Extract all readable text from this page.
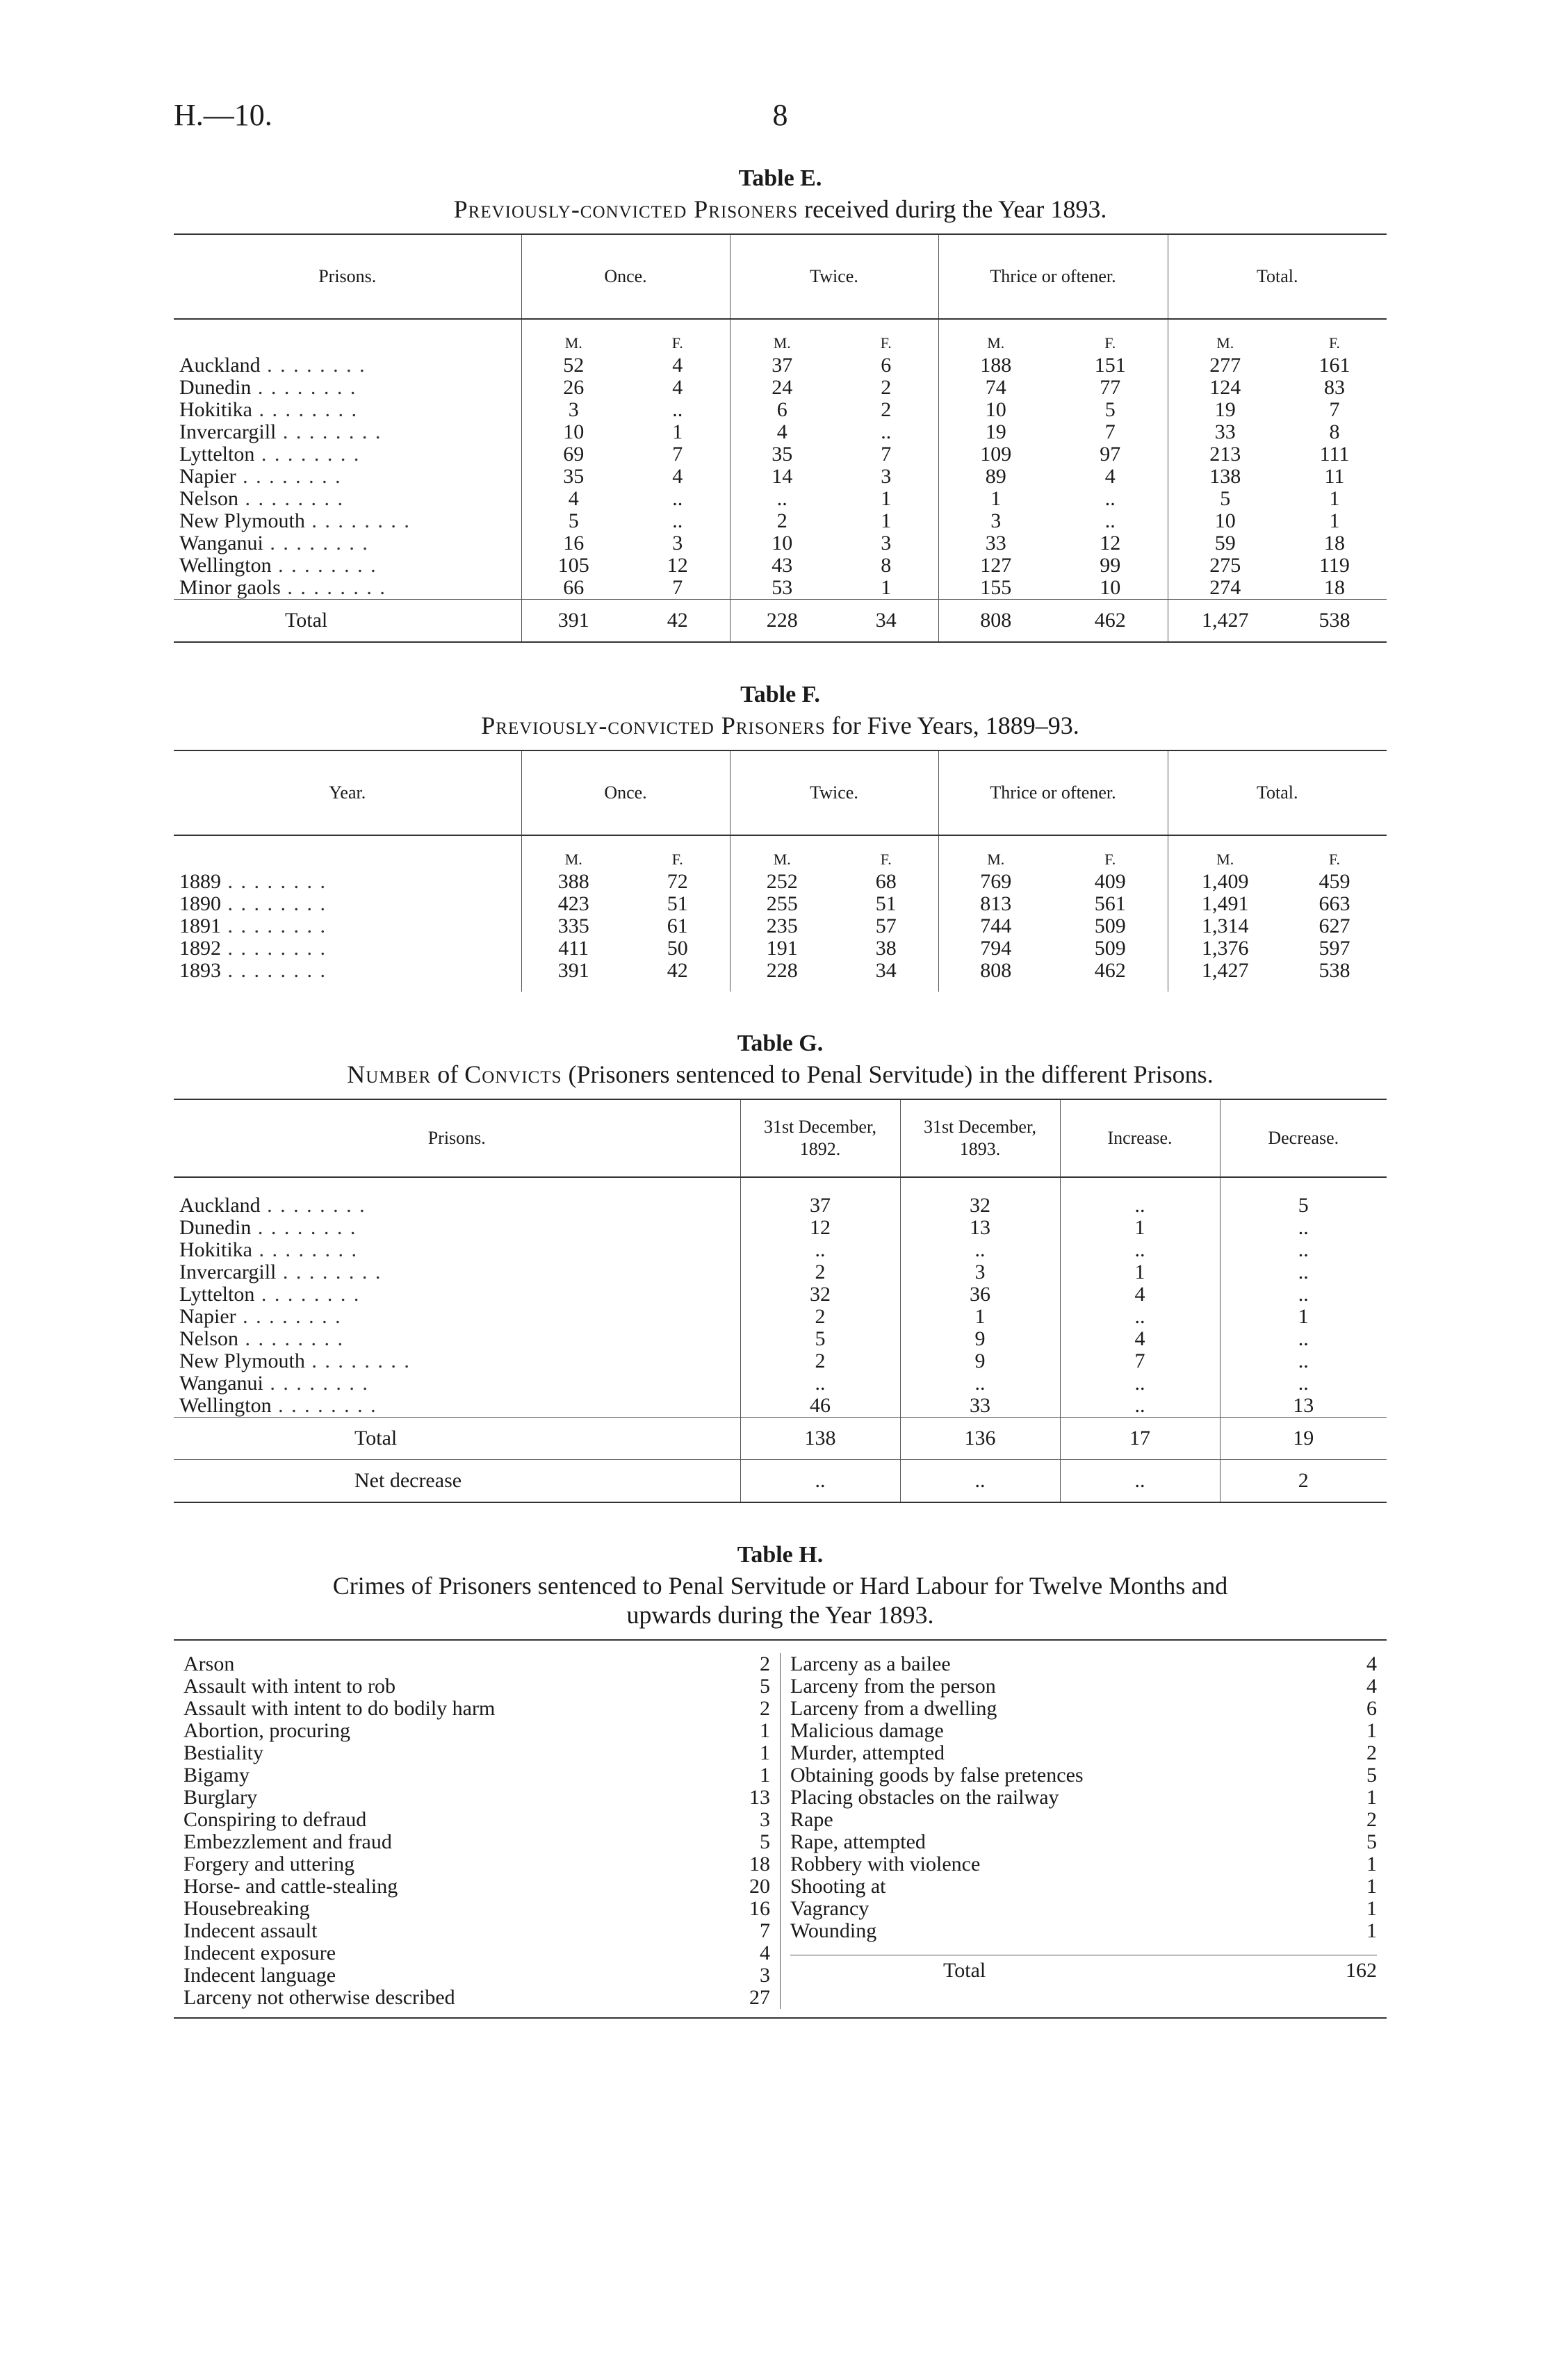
H.—10.	8
Table E.
Previously-convicted Prisoners received durirg the Year 1893.
Prisons.	Once.		Twice.		Thrice or oftener.		Total.	
	M.	F.	M.	F.	M.	F.	M.	F.
Auckland . .	52	4	37	6	188	151	277	161
Dunedin . .	26	4	24	2	74	77	124	83
Hokitika . .	3	..	6	2	10	5	19	7
Invercargill . .	10	1	4	..	19	7	33	8
Lyttelton . .	69	7	35	7	109	97	213	111
Napier . .	35	4	14	3	89	4	138	11
Nelson . .	4	..	..	1	1	..	5	1
New Plymouth . .	5	..	2	1	3	..	10	1
Wanganui . .	16	3	10	3	33	12	59	18
Wellington . .	105	12	43	8	127	99	275	119
Minor gaols . .	66	7	53	1	155	10	274	18
Total	391	42	228	34	808	462	1,427	538
Table F.
Previously-convicted Prisoners for Five Years, 1889–93.
Year.	Once.		Twice.		Thrice or oftener.		Total.	
	M.	F.	M.	F.	M.	F.	M.	F.
1889 . .	388	72	252	68	769	409	1,409	459
1890 . .	423	51	255	51	813	561	1,491	663
1891 . .	335	61	235	57	744	509	1,314	627
1892 . .	411	50	191	38	794	509	1,376	597
1893 . .	391	42	228	34	808	462	1,427	538
Table G.
Number of Convicts (Prisoners sentenced to Penal Servitude) in the different Prisons.
Prisons.	31st December, 1892.	31st December, 1893.	Increase.	Decrease.
Auckland . .	37	32	..	5
Dunedin . .	12	13	1	..
Hokitika . .	..	..	..	..
Invercargill . .	2	3	1	..
Lyttelton . .	32	36	4	..
Napier . .	2	1	..	1
Nelson . .	5	9	4	..
New Plymouth . .	2	9	7	..
Wanganui . .	..	..	..	..
Wellington . .	46	33	..	13
Total	138	136	17	19
Net decrease	..	..	..	2
Table H.
Crimes of Prisoners sentenced to Penal Servitude or Hard Labour for Twelve Months and
upwards during the Year 1893.
Arson	2
Assault with intent to rob	5
Assault with intent to do bodily harm	2
Abortion, procuring	1
Bestiality	1
Bigamy	1
Burglary	13
Conspiring to defraud	3
Embezzlement and fraud	5
Forgery and uttering	18
Horse- and cattle-stealing	20
Housebreaking	16
Indecent assault	7
Indecent exposure	4
Indecent language	3
Larceny not otherwise described	27
Larceny as a bailee	4
Larceny from the person	4
Larceny from a dwelling	6
Malicious damage	1
Murder, attempted	2
Obtaining goods by false pretences	5
Placing obstacles on the railway	1
Rape	2
Rape, attempted	5
Robbery with violence	1
Shooting at	1
Vagrancy	1
Wounding	1
Total	162
